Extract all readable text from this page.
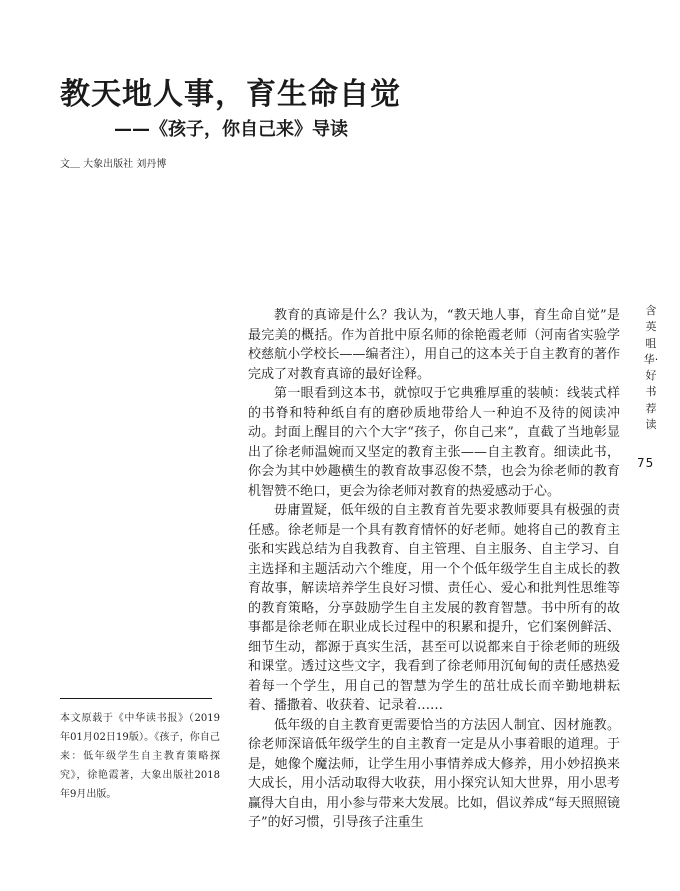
教天地人事，育生命自觉
——《孩子，你自己来》导读
文＿ 大象出版社 刘丹博

教育的真谛是什么？我认为，“教天地人事，育生命自觉”是最完美的概括。作为首批中原名师的徐艳霞老师（河南省实验学校慈航小学校长——编者注），用自己的这本关于自主教育的著作完成了对教育真谛的最好诠释。

第一眼看到这本书，就惊叹于它典雅厚重的装帧：线装式样的书脊和特种纸自有的磨砂质地带给人一种迫不及待的阅读冲动。封面上醒目的六个大字“孩子，你自己来”，直截了当地彰显出了徐老师温婉而又坚定的教育主张——自主教育。细读此书，你会为其中妙趣横生的教育故事忍俊不禁，也会为徐老师的教育机智赞不绝口，更会为徐老师对教育的热爱感动于心。

毋庸置疑，低年级的自主教育首先要求教师要具有极强的责任感。徐老师是一个具有教育情怀的好老师。她将自己的教育主张和实践总结为自我教育、自主管理、自主服务、自主学习、自主选择和主题活动六个维度，用一个个低年级学生自主成长的教育故事，解读培养学生良好习惯、责任心、爱心和批判性思维等的教育策略，分享鼓励学生自主发展的教育智慧。书中所有的故事都是徐老师在职业成长过程中的积累和提升，它们案例鲜活、细节生动，都源于真实生活，甚至可以说都来自于徐老师的班级和课堂。透过这些文字，我看到了徐老师用沉甸甸的责任感热爱着每一个学生，用自己的智慧为学生的茁壮成长而辛勤地耕耘着、播撒着、收获着、记录着……

低年级的自主教育更需要恰当的方法因人制宜、因材施教。徐老师深谙低年级学生的自主教育一定是从小事着眼的道理。于是，她像个魔法师，让学生用小事情养成大修养，用小妙招换来大成长，用小活动取得大收获，用小探究认知大世界，用小思考赢得大自由，用小参与带来大发展。比如，倡议养成“每天照照镜子”的好习惯，引导孩子注重生

本文原载于《中华读书报》（2019年01月02日19版）。《孩子，你自己来：低年级学生自主教育策略探究》，徐艳霞著，大象出版社2018年9月出版。
含英咀华·好书荐读
75
